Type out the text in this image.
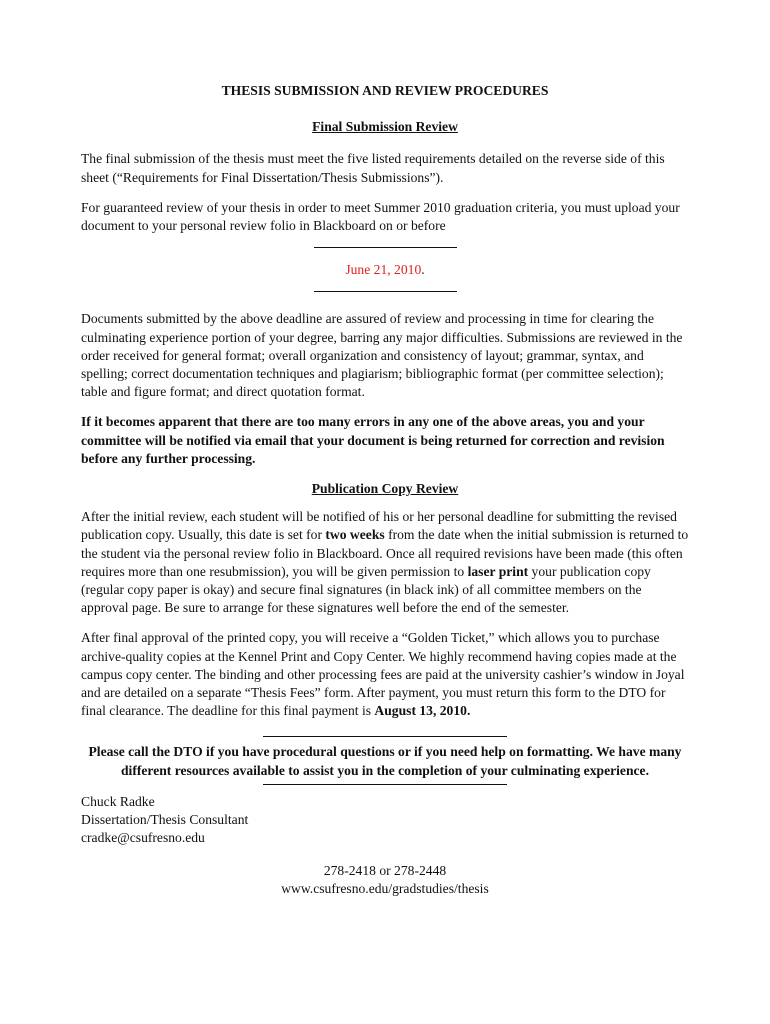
THESIS SUBMISSION AND REVIEW PROCEDURES
Final Submission Review

The final submission of the thesis must meet the five listed requirements detailed on the reverse side of this sheet (“Requirements for Final Dissertation/Thesis Submissions”).

For guaranteed review of your thesis in order to meet Summer 2010 graduation criteria, you must upload your document to your personal review folio in Blackboard on or before

June 21, 2010.

Documents submitted by the above deadline are assured of review and processing in time for clearing the culminating experience portion of your degree, barring any major difficulties. Submissions are reviewed in the order received for general format; overall organization and consistency of layout; grammar, syntax, and spelling; correct documentation techniques and plagiarism; bibliographic format (per committee selection); table and figure format; and direct quotation format.

If it becomes apparent that there are too many errors in any one of the above areas, you and your committee will be notified via email that your document is being returned for correction and revision before any further processing.

Publication Copy Review

After the initial review, each student will be notified of his or her personal deadline for submitting the revised publication copy. Usually, this date is set for two weeks from the date when the initial submission is returned to the student via the personal review folio in Blackboard. Once all required revisions have been made (this often requires more than one resubmission), you will be given permission to laser print your publication copy (regular copy paper is okay) and secure final signatures (in black ink) of all committee members on the approval page. Be sure to arrange for these signatures well before the end of the semester.

After final approval of the printed copy, you will receive a “Golden Ticket,” which allows you to purchase archive-quality copies at the Kennel Print and Copy Center. We highly recommend having copies made at the campus copy center. The binding and other processing fees are paid at the university cashier’s window in Joyal and are detailed on a separate “Thesis Fees” form. After payment, you must return this form to the DTO for final clearance. The deadline for this final payment is August 13, 2010.

Please call the DTO if you have procedural questions or if you need help on formatting. We have many different resources available to assist you in the completion of your culminating experience.

Chuck Radke

Dissertation/Thesis Consultant

cradke@csufresno.edu

278-2418 or 278-2448

www.csufresno.edu/gradstudies/thesis
